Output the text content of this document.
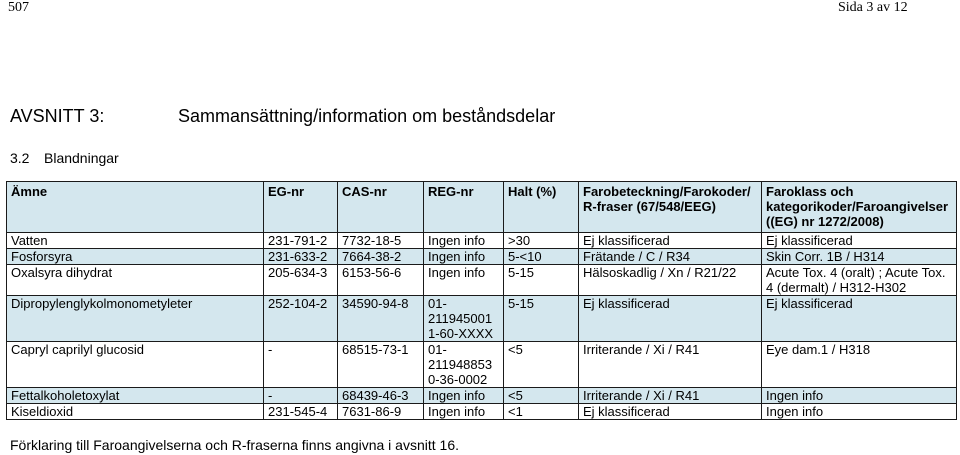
507	Sida 3 av 12
AVSNITT 3:	Sammansättning/information om beståndsdelar
3.2 Blandningar
Ämne	EG-nr	CAS-nr	REG-nr	Halt (%)	Farobeteckning/Farokoder/ R-fraser (67/548/EEG)	Faroklass och kategorikoder/Faroangivelser ((EG) nr 1272/2008)
Vatten	231-791-2	7732-18-5	Ingen info	>30	Ej klassificerad	Ej klassificerad
Fosforsyra	231-633-2	7664-38-2	Ingen info	5-<10	Frätande / C / R34	Skin Corr. 1B / H314
Oxalsyra dihydrat	205-634-3	6153-56-6	Ingen info	5-15	Hälsoskadlig / Xn / R21/22	Acute Tox. 4 (oralt) ; Acute Tox. 4 (dermalt) / H312-H302
Dipropylenglykolmonometyleter	252-104-2	34590-94-8	01-211945001 1-60-XXXX	5-15	Ej klassificerad	Ej klassificerad
Capryl caprilyl glucosid	-	68515-73-1	01-211948853 0-36-0002	<5	Irriterande / Xi / R41	Eye dam.1 / H318
Fettalkoholetoxylat	-	68439-46-3	Ingen info	<5	Irriterande / Xi / R41	Ingen info
Kiseldioxid	231-545-4	7631-86-9	Ingen info	<1	Ej klassificerad	Ingen info
Förklaring till Faroangivelserna och R-fraserna finns angivna i avsnitt 16.
